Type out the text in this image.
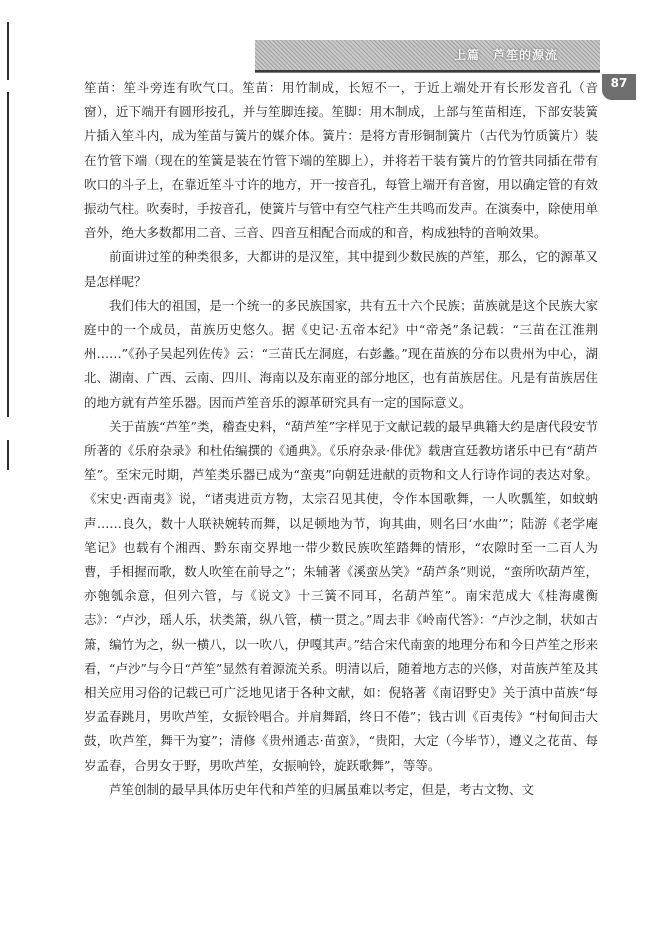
上篇　芦笙的源流
87

笙苗：笙斗旁连有吹气口。笙苗：用竹制成，长短不一，于近上端处开有长形发音孔（音窗），近下端开有圆形按孔，并与笙脚连接。笙脚：用木制成，上部与笙苗相连，下部安装簧片插入笙斗内，成为笙苗与簧片的媒介体。簧片：是将方青形铜制簧片（古代为竹质簧片）装在竹管下端（现在的笙簧是装在竹管下端的笙脚上），并将若干装有簧片的竹管共同插在带有吹口的斗子上，在靠近笙斗寸许的地方，开一按音孔，每管上端开有音窗，用以确定管的有效振动气柱。吹奏时，手按音孔，使簧片与管中有空气柱产生共鸣而发声。在演奏中，除使用单音外，绝大多数都用二音、三音、四音互相配合而成的和音，构成独特的音响效果。

前面讲过笙的种类很多，大都讲的是汉笙，其中提到少数民族的芦笙，那么，它的源革又是怎样呢？

我们伟大的祖国，是一个统一的多民族国家，共有五十六个民族；苗族就是这个民族大家庭中的一个成员，苗族历史悠久。据《史记·五帝本纪》中“帝尧”条记载：“三苗在江淮荆州……”《孙子吴起列佐传》云：“三苗氏左洞庭，右彭蠡。”现在苗族的分布以贵州为中心，湖北、湖南、广西、云南、四川、海南以及东南亚的部分地区，也有苗族居住。凡是有苗族居住的地方就有芦笙乐器。因而芦笙音乐的源革研究具有一定的国际意义。

关于苗族“芦笙”类，稽查史料，“葫芦笙”字样见于文献记载的最早典籍大约是唐代段安节所著的《乐府杂录》和杜佑编撰的《通典》。《乐府杂录·俳优》载唐宣廷教坊诸乐中已有“葫芦笙”。至宋元时期，芦笙类乐器已成为“蛮夷”向朝廷进献的贡物和文人行诗作词的表达对象。《宋史·西南夷》说，“诸夷进贡方物，太宗召见其使，令作本国歌舞，一人吹瓢笙，如蚊蚋声……良久，数十人联袂婉转而舞，以足顿地为节，询其曲，则名曰‘水曲’”；陆游《老学庵笔记》也载有个湘西、黔东南交界地一带少数民族吹笙踏舞的情形，“农隙时至一二百人为曹，手相握而歌，数人吹笙在前导之”；朱辅著《溪蛮丛笑》“葫芦条”则说，“蛮所吹葫芦笙，亦匏瓠余意，但列六管，与《说文》十三簧不同耳，名葫芦笙”。南宋范成大《桂海虞衡志》：“卢沙，瑶人乐，状类箫，纵八管，横一贯之。”周去非《岭南代答》：“卢沙之制，状如古箫，编竹为之，纵一横八，以一吹八，伊嘎其声。”结合宋代南蛮的地理分布和今日芦笙之形来看，“卢沙”与今日“芦笙”显然有着源流关系。明清以后，随着地方志的兴修，对苗族芦笙及其相关应用习俗的记载已可广泛地见诸于各种文献，如：倪辂著《南诏野史》关于滇中苗族“每岁孟春跳月，男吹芦笙，女振铃唱合。并肩舞蹈，终日不倦”；钱古训《百夷传》“村甸间击大鼓，吹芦笙，舞干为宴”；清修《贵州通志·苗蛮》，“贵阳，大定（今毕节），遵义之花苗、每岁孟春，合男女于野，男吹芦笙，女振响铃，旋跃歌舞”，等等。

芦笙创制的最早具体历史年代和芦笙的归属虽难以考定，但是，考古文物、文
